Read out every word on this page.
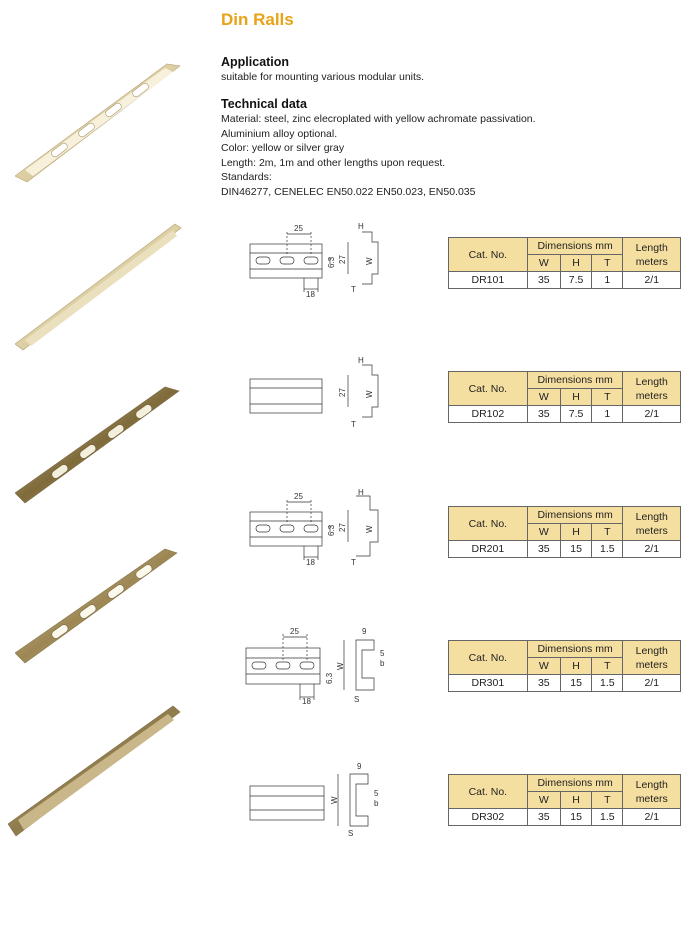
Din Ralls
Application
suitable for mounting various modular units.
Technical data
Material: steel, zinc elecroplated with yellow achromate passivation.
Aluminium alloy optional.
Color: yellow or silver gray
Length: 2m, 1m and other lengths upon request.
Standards:
DIN46277, CENELEC EN50.022 EN50.023, EN50.035
25
18
6.3 27 W
H
T
27 W
H
T
25
18
6.3 27 W
H
T
25
18
6.3
W
9
b
5
S
W
9
b
5
S
Cat. No.	Dimensions mm			Length
meters
	W	H	T	
DR101	35	7.5	1	2/1
Cat. No.	Dimensions mm			Length
meters
	W	H	T	
DR102	35	7.5	1	2/1
Cat. No.	Dimensions mm			Length
meters
	W	H	T	
DR201	35	15	1.5	2/1
Cat. No.	Dimensions mm			Length
meters
	W	H	T	
DR301	35	15	1.5	2/1
Cat. No.	Dimensions mm			Length
meters
	W	H	T	
DR302	35	15	1.5	2/1
